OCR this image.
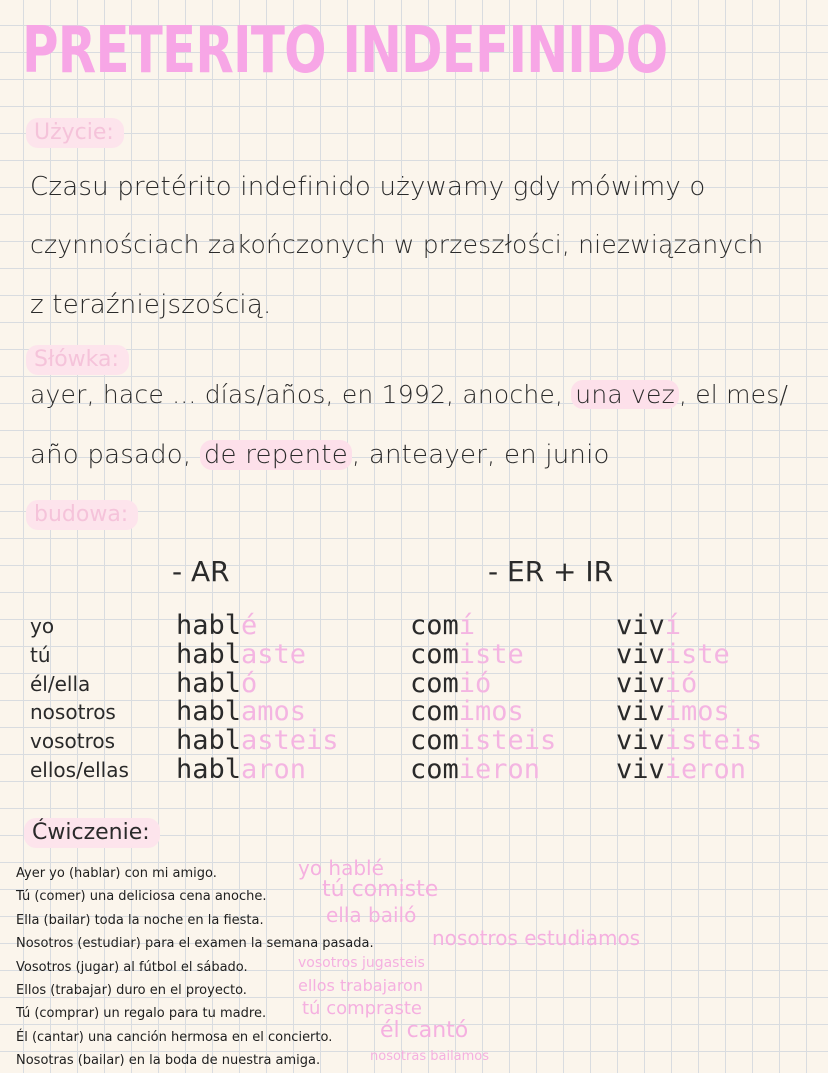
PRETERITO INDEFINIDO
Użycie:
Czasu pretérito indefinido używamy gdy mówimy o
czynnościach zakończonych w przeszłości, niezwiązanych
z teraźniejszością.
Słówka:
ayer, hace ... días/años, en 1992, anoche, una vez , el mes/
año pasado, de repente , anteayer, en junio
budowa:
- AR	- ER + IR
yo	hablé	comí	viví
tú	hablaste	comiste	viviste
él/ella	habló	comió	vivió
nosotros hablamos	comimos	vivimos
vosotros hablasteis	comisteis vivisteis
ellos/ellas hablaron	comieron	vivieron
Ćwiczenie:
Ayer yo (hablar) con mi amigo.	yo hablé
Tú (comer) una deliciosa cena anoche.	tú comiste
Ella (bailar) toda la noche en la fiesta.	ella bailó
Nosotros (estudiar) para el examen la semana pasada.	nosotros estudiamos
Vosotros (jugar) al fútbol el sábado.	vosotros jugasteis
Ellos (trabajar) duro en el proyecto.	ellos trabajaron
Tú (comprar) un regalo para tu madre. tú compraste
Él (cantar) una canción hermosa en el concierto. él cantó
Nosotras (bailar) en la boda de nuestra amiga.	nosotras bailamos
